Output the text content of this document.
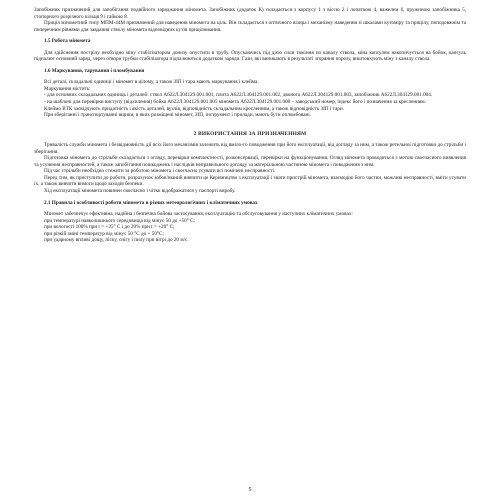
Запобіжник призначений для запобігання подвійного заряджання міномета. Запобіжник (додаток К) складається з корпусу 1 з віссю 2 і лопаткою 4, важелем 6, пружиною запобіжника 5, стопорного розрізного кільця 9 і гайкою 8.

Приціл мінометний типу МПМ-44М призначений для наведення міномета на ціль. Він складається з оптичного візира і механізму наведення зі шкалами кутоміру та прицілу, поподовжнім та поперечним рівнями для завдання стволу міномета відповідних кутів прицілювання.

1.5 Робота міномета

Для здійснення пострілу необхідно міну стабілізатором донизу опустити в трубу. Опускаючись під дією сили тяжіння по каналу ствола, міна капсулем накопичується на бойок, капсуль підпалює основний заряд, через отвори трубки стабілізатора підпалюються додаткові заряди. Гази, які виникають в результаті згоряння порозу, виштовхують міну з каналу ствола.

1.6 Маркування, тарування і пломбування

Всі деталі, складальні одиниці і міномет в цілому, а також ЗІП і тара мають маркування і клейма.

Маркування містить:

- для основних складальних одиниць і деталей: ствол А622Л.304129.001.001, плита А622Л.304129.001.002, двонога А622Л.304129.001.003, запобіжник А622Л.304129.001.004.

- на шаблоні для перевірки виступу (відхилення) бойка А622Л.304129.001.005 міномета А622Л.304129.001.000 – заводський номер, індекс його і позначення за кресленням.

Клеймо ВТК засвідчують придатність і якість деталей, вузлів, відповідність складальним кресленням, а також відповідність ЗІП і тари.

При зберіганні і транспортуванні ящики, в яких розміщені міномет, ЗІП, інструмент і прилади, мають бути опломбовані.

2 ВИКОРИСТАННЯ ЗА ПРИЗНАЧЕННЯМ

Тривалість служби міномета і безвідмовність дії всіх його механізмів залежить від вміло-го поводження при його експлуатації, від догляду за ним, а також ретельної підготовки до стрільби і зберігання.

Підготовка міномета до стрільби складається з огляду, перевірки комплектності, розконсервації, перевірки на функціонування. Огляд міномета проводиться з метою своєчасного виявлення та усунення несправностей, а також запобігання пошкоджень і наслідків неправильного догляду за матеріальною частиною міномета і поводження з ним.

Під час стрільби необхідно стежити за роботою міномета і своєчасно усувати всі помічені несправності.

Перед тим, як приступити до роботи, розрахунок зобов'язаний вивчити це Керівництво з експлуатації і знати пристрій міномета, взаємодію його частин, можливі несправності, вміти усувати їх, а також вивчити вимоги щодо заходів безпеки.

Хід експлуатації міномета повинен своєчасно і чітко відображатися у паспорті виробу.

2.1 Правила і особливості роботи міномета в різних метеорологічних і кліматичних умовах

Міномет забезпечує ефективна, надійна і безпечна бойова застосування, експлуатацію та обслуговування у наступних кліматичних умовах:

при температурі навколишнього середовища від мінус 50 до +50° С;

при вологості 100% при t = +25° С і до 20% при t = +20° С;

при різкій зміні температур від мінус 50 °С до + 50°С;

при ударному впливі дощу, піску, снігу і пилу при вітрі до 20 м/с.

5
